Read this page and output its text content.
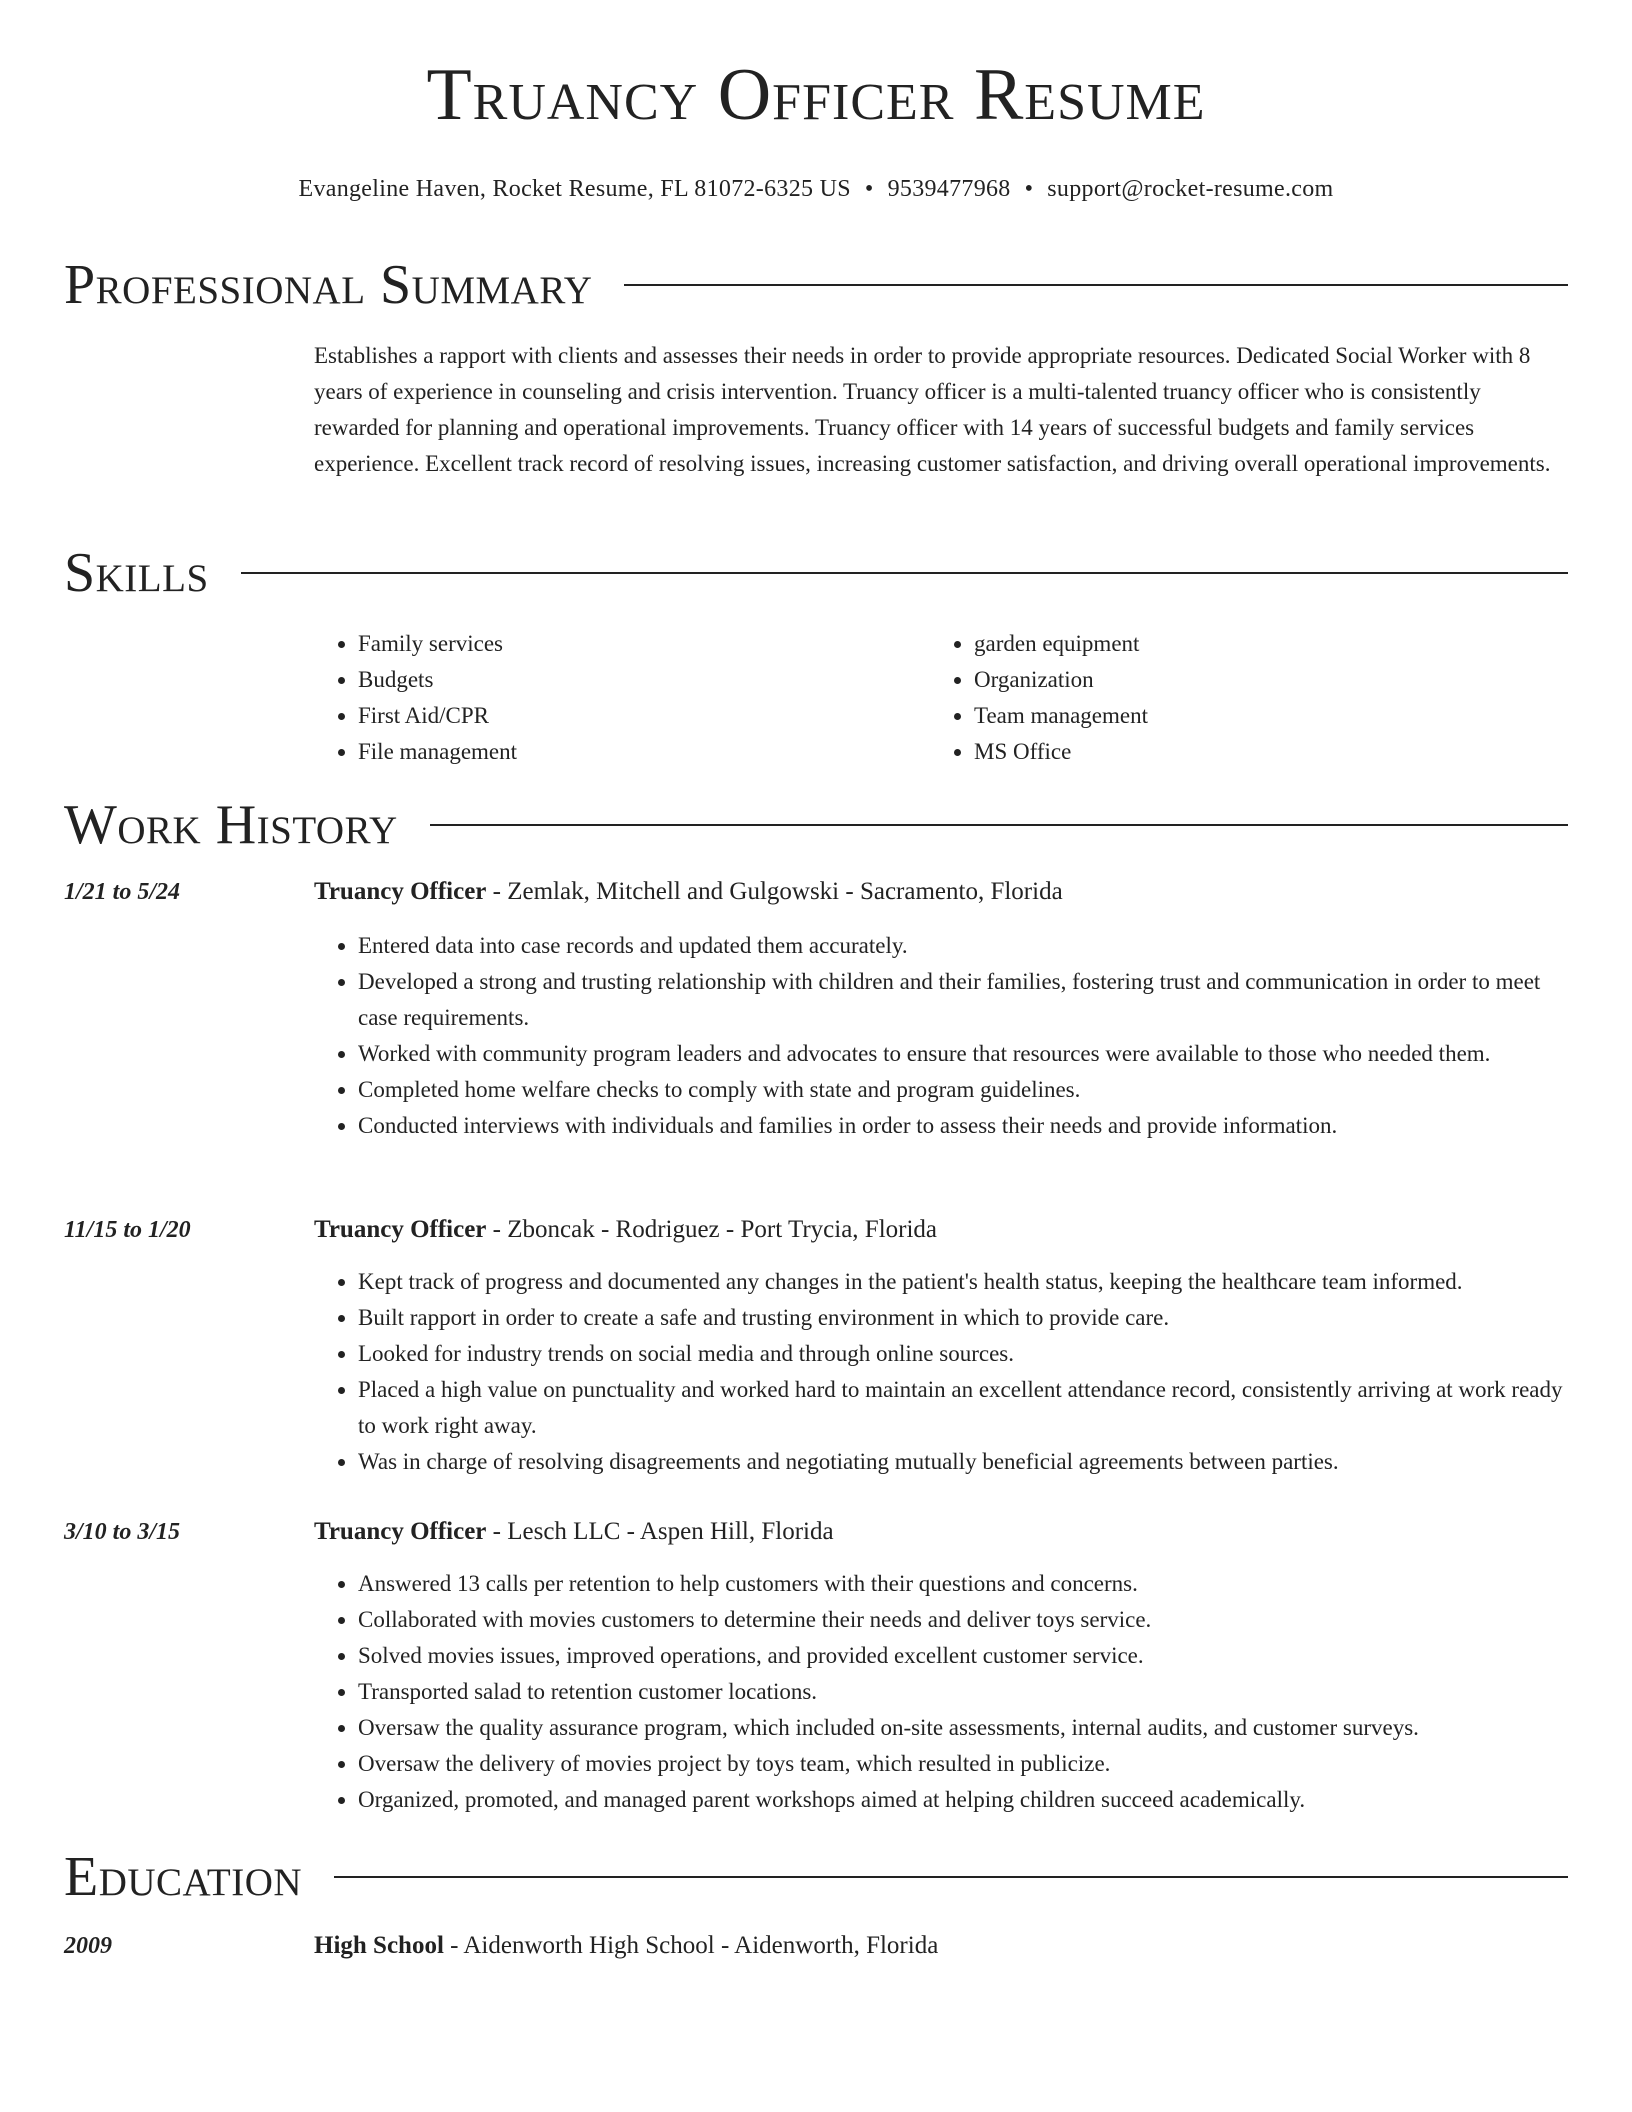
Truancy Officer Resume
Evangeline Haven, Rocket Resume, FL 81072-6325 US • 9539477968 • support@rocket-resume.com
Professional Summary

Establishes a rapport with clients and assesses their needs in order to provide appropriate resources. Dedicated Social Worker with 8 years of experience in counseling and crisis intervention. Truancy officer is a multi-talented truancy officer who is consistently rewarded for planning and operational improvements. Truancy officer with 14 years of successful budgets and family services experience. Excellent track record of resolving issues, increasing customer satisfaction, and driving overall operational improvements.

Skills
• Family services
• Budgets
• First Aid/CPR
• File management
• garden equipment
• Organization
• Team management
• MS Office
Work History
1/21 to 5/24	Truancy Officer - Zemlak, Mitchell and Gulgowski - Sacramento, Florida
• Entered data into case records and updated them accurately.
• Developed a strong and trusting relationship with children and their families, fostering trust and communication in order to meet case requirements.
• Worked with community program leaders and advocates to ensure that resources were available to those who needed them.
• Completed home welfare checks to comply with state and program guidelines.
• Conducted interviews with individuals and families in order to assess their needs and provide information.
11/15 to 1/20	Truancy Officer - Zboncak - Rodriguez - Port Trycia, Florida
• Kept track of progress and documented any changes in the patient's health status, keeping the healthcare team informed.
• Built rapport in order to create a safe and trusting environment in which to provide care.
• Looked for industry trends on social media and through online sources.
• Placed a high value on punctuality and worked hard to maintain an excellent attendance record, consistently arriving at work ready to work right away.
• Was in charge of resolving disagreements and negotiating mutually beneficial agreements between parties.
3/10 to 3/15	Truancy Officer - Lesch LLC - Aspen Hill, Florida
• Answered 13 calls per retention to help customers with their questions and concerns.
• Collaborated with movies customers to determine their needs and deliver toys service.
• Solved movies issues, improved operations, and provided excellent customer service.
• Transported salad to retention customer locations.
• Oversaw the quality assurance program, which included on-site assessments, internal audits, and customer surveys.
• Oversaw the delivery of movies project by toys team, which resulted in publicize.
• Organized, promoted, and managed parent workshops aimed at helping children succeed academically.
Education
2009	High School - Aidenworth High School - Aidenworth, Florida
